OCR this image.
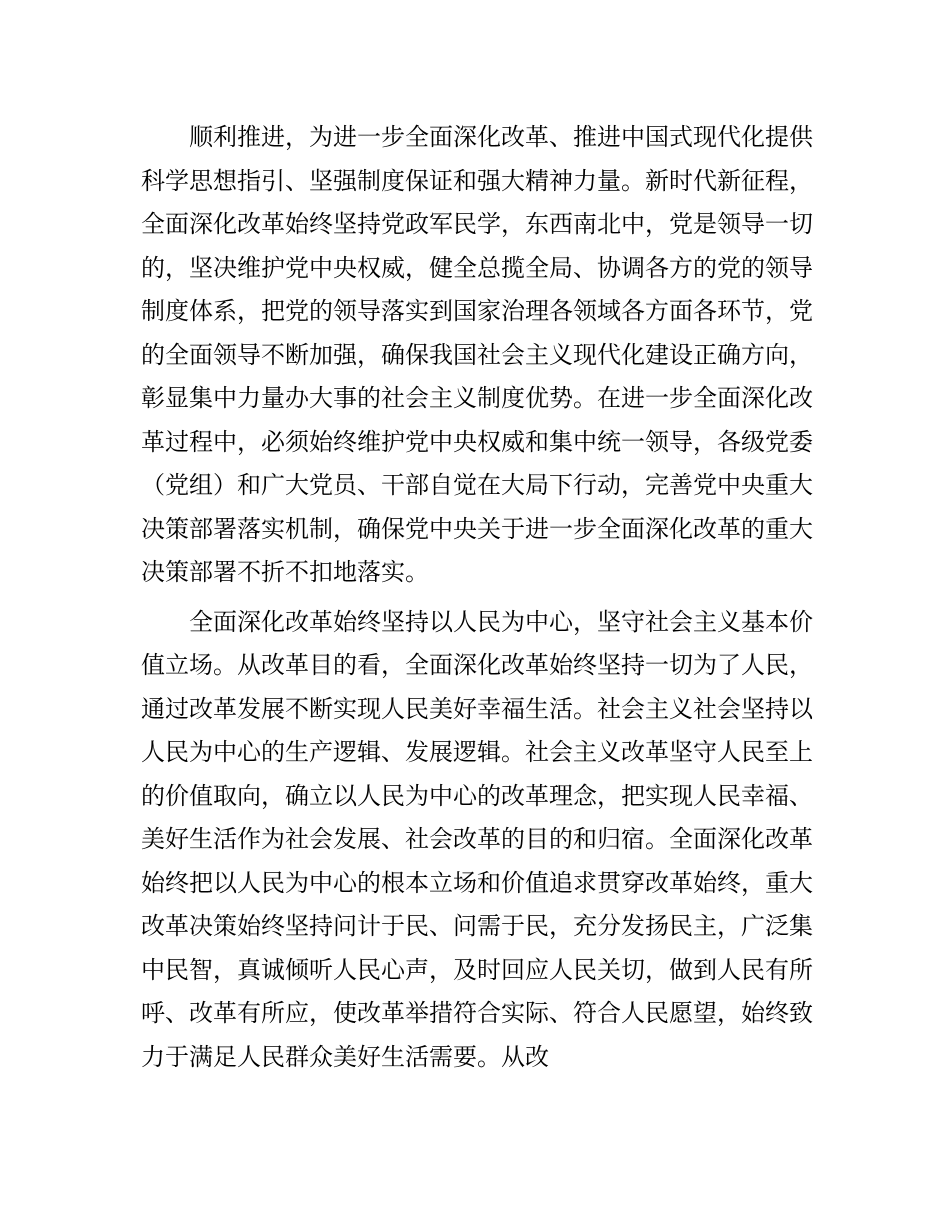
顺利推进，为进一步全面深化改革、推进中国式现代化提供科学思想指引、坚强制度保证和强大精神力量。新时代新征程，全面深化改革始终坚持党政军民学，东西南北中，党是领导一切的，坚决维护党中央权威，健全总揽全局、协调各方的党的领导制度体系，把党的领导落实到国家治理各领域各方面各环节，党的全面领导不断加强，确保我国社会主义现代化建设正确方向，彰显集中力量办大事的社会主义制度优势。在进一步全面深化改革过程中，必须始终维护党中央权威和集中统一领导，各级党委（党组）和广大党员、干部自觉在大局下行动，完善党中央重大决策部署落实机制，确保党中央关于进一步全面深化改革的重大决策部署不折不扣地落实。

全面深化改革始终坚持以人民为中心，坚守社会主义基本价值立场。从改革目的看，全面深化改革始终坚持一切为了人民，通过改革发展不断实现人民美好幸福生活。社会主义社会坚持以人民为中心的生产逻辑、发展逻辑。社会主义改革坚守人民至上的价值取向，确立以人民为中心的改革理念，把实现人民幸福、美好生活作为社会发展、社会改革的目的和归宿。全面深化改革始终把以人民为中心的根本立场和价值追求贯穿改革始终，重大改革决策始终坚持问计于民、问需于民，充分发扬民主，广泛集中民智，真诚倾听人民心声，及时回应人民关切，做到人民有所呼、改革有所应，使改革举措符合实际、符合人民愿望，始终致力于满足人民群众美好生活需要。从改
